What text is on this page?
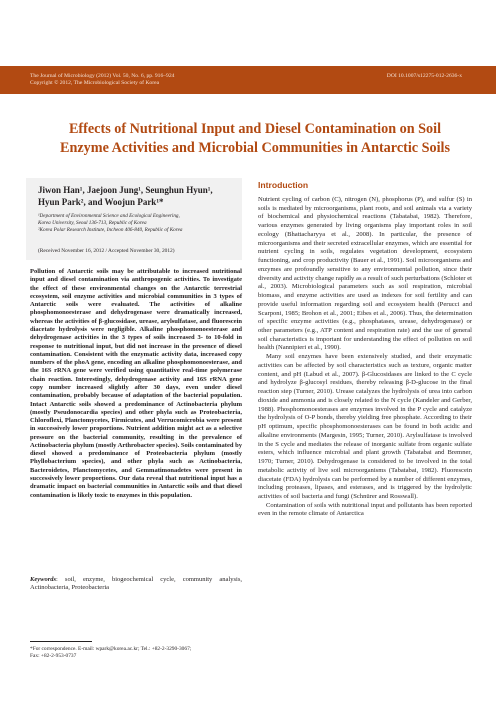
The Journal of Microbiology (2012) Vol. 50, No. 6, pp. 916–924
Copyright © 2012, The Microbiological Society of Korea
DOI 10.1007/s12275-012-2636-x
Effects of Nutritional Input and Diesel Contamination on Soil
Enzyme Activities and Microbial Communities in Antarctic Soils
Jiwon Han¹, Jaejoon Jung¹, Seunghun Hyun¹,
Hyun Park², and Woojun Park¹*
¹Department of Environmental Science and Ecological Engineering,
Korea University, Seoul 136-713, Republic of Korea
²Korea Polar Research Institute, Incheon 406-840, Republic of Korea
(Received November 16, 2012 / Accepted November 30, 2012)

Pollution of Antarctic soils may be attributable to increased nutritional input and diesel contamination via anthropogenic activities. To investigate the effect of these environmental changes on the Antarctic terrestrial ecosystem, soil enzyme activities and microbial communities in 3 types of Antarctic soils were evaluated. The activities of alkaline phosphomonoesterase and dehydrogenase were dramatically increased, whereas the activities of β-glucosidase, urease, arylsulfatase, and fluorescein diacetate hydrolysis were negligible. Alkaline phosphomonoesterase and dehydrogenase activities in the 3 types of soils increased 3- to 10-fold in response to nutritional input, but did not increase in the presence of diesel contamination. Consistent with the enzymatic activity data, increased copy numbers of the phoA gene, encoding an alkaline phosphomonoesterase, and the 16S rRNA gene were verified using quantitative real-time polymerase chain reaction. Interestingly, dehydrogenase activity and 16S rRNA gene copy number increased slightly after 30 days, even under diesel contamination, probably because of adaptation of the bacterial population. Intact Antarctic soils showed a predominance of Actinobacteria phylum (mostly Pseudonocardia species) and other phyla such as Proteobacteria, Chloroflexi, Planctomycetes, Firmicutes, and Verrucomicrobia were present in successively lower proportions. Nutrient addition might act as a selective pressure on the bacterial community, resulting in the prevalence of Actinobacteria phylum (mostly Arthrobacter species). Soils contaminated by diesel showed a predominance of Proteobacteria phylum (mostly Phyllobacterium species), and other phyla such as Actinobacteria, Bacteroidetes, Planctomycetes, and Gemmatimonadetes were present in successively lower proportions. Our data reveal that nutritional input has a dramatic impact on bacterial communities in Antarctic soils and that diesel contamination is likely toxic to enzymes in this population.

Keywords: soil, enzyme, biogeochemical cycle, community analysis, Actinobacteria, Proteobacteria

*For correspondence. E-mail: wpark@korea.ac.kr; Tel.: +82-2-3290-3067;
Fax: +82-2-953-0737
Introduction

Nutrient cycling of carbon (C), nitrogen (N), phosphorus (P), and sulfur (S) in soils is mediated by microorganisms, plant roots, and soil animals via a variety of biochemical and physiochemical reactions (Tabatabai, 1982). Therefore, various enzymes generated by living organisms play important roles in soil ecology (Bhattacharyya et al., 2008). In particular, the presence of microorganisms and their secreted extracellular enzymes, which are essential for nutrient cycling in soils, regulates vegetation development, ecosystem functioning, and crop productivity (Bauer et al., 1991). Soil microorganisms and enzymes are profoundly sensitive to any environmental pollution, since their diversity and activity change rapidly as a result of such perturbations (Schloter et al., 2003). Microbiological parameters such as soil respiration, microbial biomass, and enzyme activities are used as indexes for soil fertility and can provide useful information regarding soil and ecosystem health (Perucci and Scarponi, 1985; Brohon et al., 2001; Eibes et al., 2006). Thus, the determination of specific enzyme activities (e.g., phosphatases, urease, dehydrogenase) or other parameters (e.g., ATP content and respiration rate) and the use of general soil characteristics is important for understanding the effect of pollution on soil health (Nannipieri et al., 1990).

Many soil enzymes have been extensively studied, and their enzymatic activities can be affected by soil characteristics such as texture, organic matter content, and pH (Labud et al., 2007). β-Glucosidases are linked to the C cycle and hydrolyze β-glucosyl residues, thereby releasing β-D-glucose in the final reaction step (Turner, 2010). Urease catalyzes the hydrolysis of urea into carbon dioxide and ammonia and is closely related to the N cycle (Kandeler and Gerber, 1988). Phosphomonoesterases are enzymes involved in the P cycle and catalyze the hydrolysis of O-P bonds, thereby yielding free phosphate. According to their pH optimum, specific phosphomonoesterases can be found in both acidic and alkaline environments (Margesin, 1995; Turner, 2010). Arylsulfatase is involved in the S cycle and mediates the release of inorganic sulfate from organic sulfate esters, which influence microbial and plant growth (Tabatabai and Bremner, 1970; Turner, 2010). Dehydrogenase is considered to be involved in the total metabolic activity of live soil microorganisms (Tabatabai, 1982). Fluorescein diacetate (FDA) hydrolysis can be performed by a number of different enzymes, including proteases, lipases, and esterases, and is triggered by the hydrolytic activities of soil bacteria and fungi (Schnürer and Rosswall).

Contamination of soils with nutritional input and pollutants has been reported even in the remote climate of Antarctica
